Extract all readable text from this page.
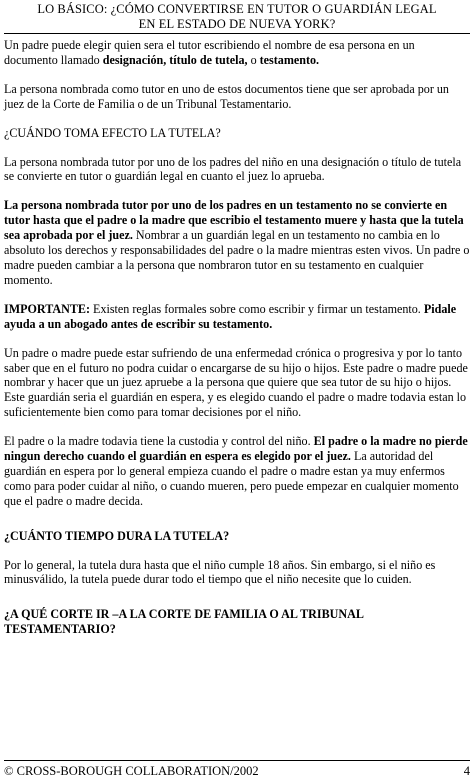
LO BÁSICO: ¿CÓMO CONVERTIRSE EN TUTOR O GUARDIÁN LEGAL
EN EL ESTADO DE NUEVA YORK?

Un padre puede elegir quien sera el tutor escribiendo el nombre de esa persona en un documento llamado designación, título de tutela, o testamento.

La persona nombrada como tutor en uno de estos documentos tiene que ser aprobada por un juez de la Corte de Familia o de un Tribunal Testamentario.

¿CUÁNDO TOMA EFECTO LA TUTELA?

La persona nombrada tutor por uno de los padres del niño en una designación o título de tutela se convierte en tutor o guardián legal en cuanto el juez lo aprueba.

La persona nombrada tutor por uno de los padres en un testamento no se convierte en tutor hasta que el padre o la madre que escribio el testamento muere y hasta que la tutela sea aprobada por el juez. Nombrar a un guardián legal en un testamento no cambia en lo absoluto los derechos y responsabilidades del padre o la madre mientras esten vivos. Un padre o madre pueden cambiar a la persona que nombraron tutor en su testamento en cualquier momento.

IMPORTANTE: Existen reglas formales sobre como escribir y firmar un testamento. Pidale ayuda a un abogado antes de escribir su testamento.

Un padre o madre puede estar sufriendo de una enfermedad crónica o progresiva y por lo tanto saber que en el futuro no podra cuidar o encargarse de su hijo o hijos. Este padre o madre puede nombrar y hacer que un juez apruebe a la persona que quiere que sea tutor de su hijo o hijos. Este guardián seria el guardián en espera, y es elegido cuando el padre o madre todavia estan lo suficientemente bien como para tomar decisiones por el niño.

El padre o la madre todavia tiene la custodia y control del niño. El padre o la madre no pierde ningun derecho cuando el guardián en espera es elegido por el juez. La autoridad del guardián en espera por lo general empieza cuando el padre o madre estan ya muy enfermos como para poder cuidar al niño, o cuando mueren, pero puede empezar en cualquier momento que el padre o madre decida.

¿CUÁNTO TIEMPO DURA LA TUTELA?

Por lo general, la tutela dura hasta que el niño cumple 18 años. Sin embargo, si el niño es minusválido, la tutela puede durar todo el tiempo que el niño necesite que lo cuiden.

¿A QUÉ CORTE IR –A LA CORTE DE FAMILIA O AL TRIBUNAL TESTAMENTARIO?

© CROSS-BOROUGH COLLABORATION/2002	4
